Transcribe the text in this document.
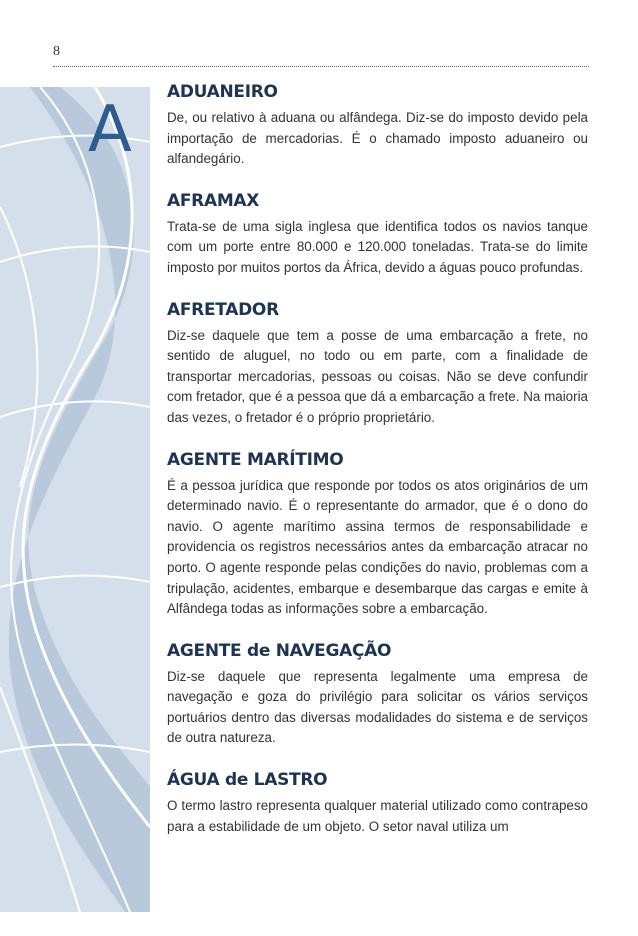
8
A
ADUANEIRO

De, ou relativo à aduana ou alfândega. Diz-se do imposto devido pela importação de mercadorias. É o chamado imposto aduaneiro ou alfandegário.

AFRAMAX

Trata-se de uma sigla inglesa que identifica todos os navios tanque com um porte entre 80.000 e 120.000 toneladas. Trata-se do limite imposto por muitos portos da África, devido a águas pouco profundas.

AFRETADOR

Diz-se daquele que tem a posse de uma embarcação a frete, no sentido de aluguel, no todo ou em parte, com a finalidade de transportar mercadorias, pessoas ou coisas. Não se deve confundir com fretador, que é a pessoa que dá a embarcação a frete. Na maioria das vezes, o fretador é o próprio proprietário.

AGENTE MARÍTIMO

É a pessoa jurídica que responde por todos os atos originários de um determinado navio. É o representante do armador, que é o dono do navio. O agente marítimo assina termos de responsabilidade e providencia os registros necessários antes da embarcação atracar no porto. O agente responde pelas condições do navio, problemas com a tripulação, acidentes, embarque e desembarque das cargas e emite à Alfândega todas as informações sobre a embarcação.

AGENTE de NAVEGAÇÃO

Diz-se daquele que representa legalmente uma empresa de navegação e goza do privilégio para solicitar os vários serviços portuários dentro das diversas modalidades do sistema e de serviços de outra natureza.

ÁGUA de LASTRO

O termo lastro representa qualquer material utilizado como contrapeso para a estabilidade de um objeto. O setor naval utiliza um
